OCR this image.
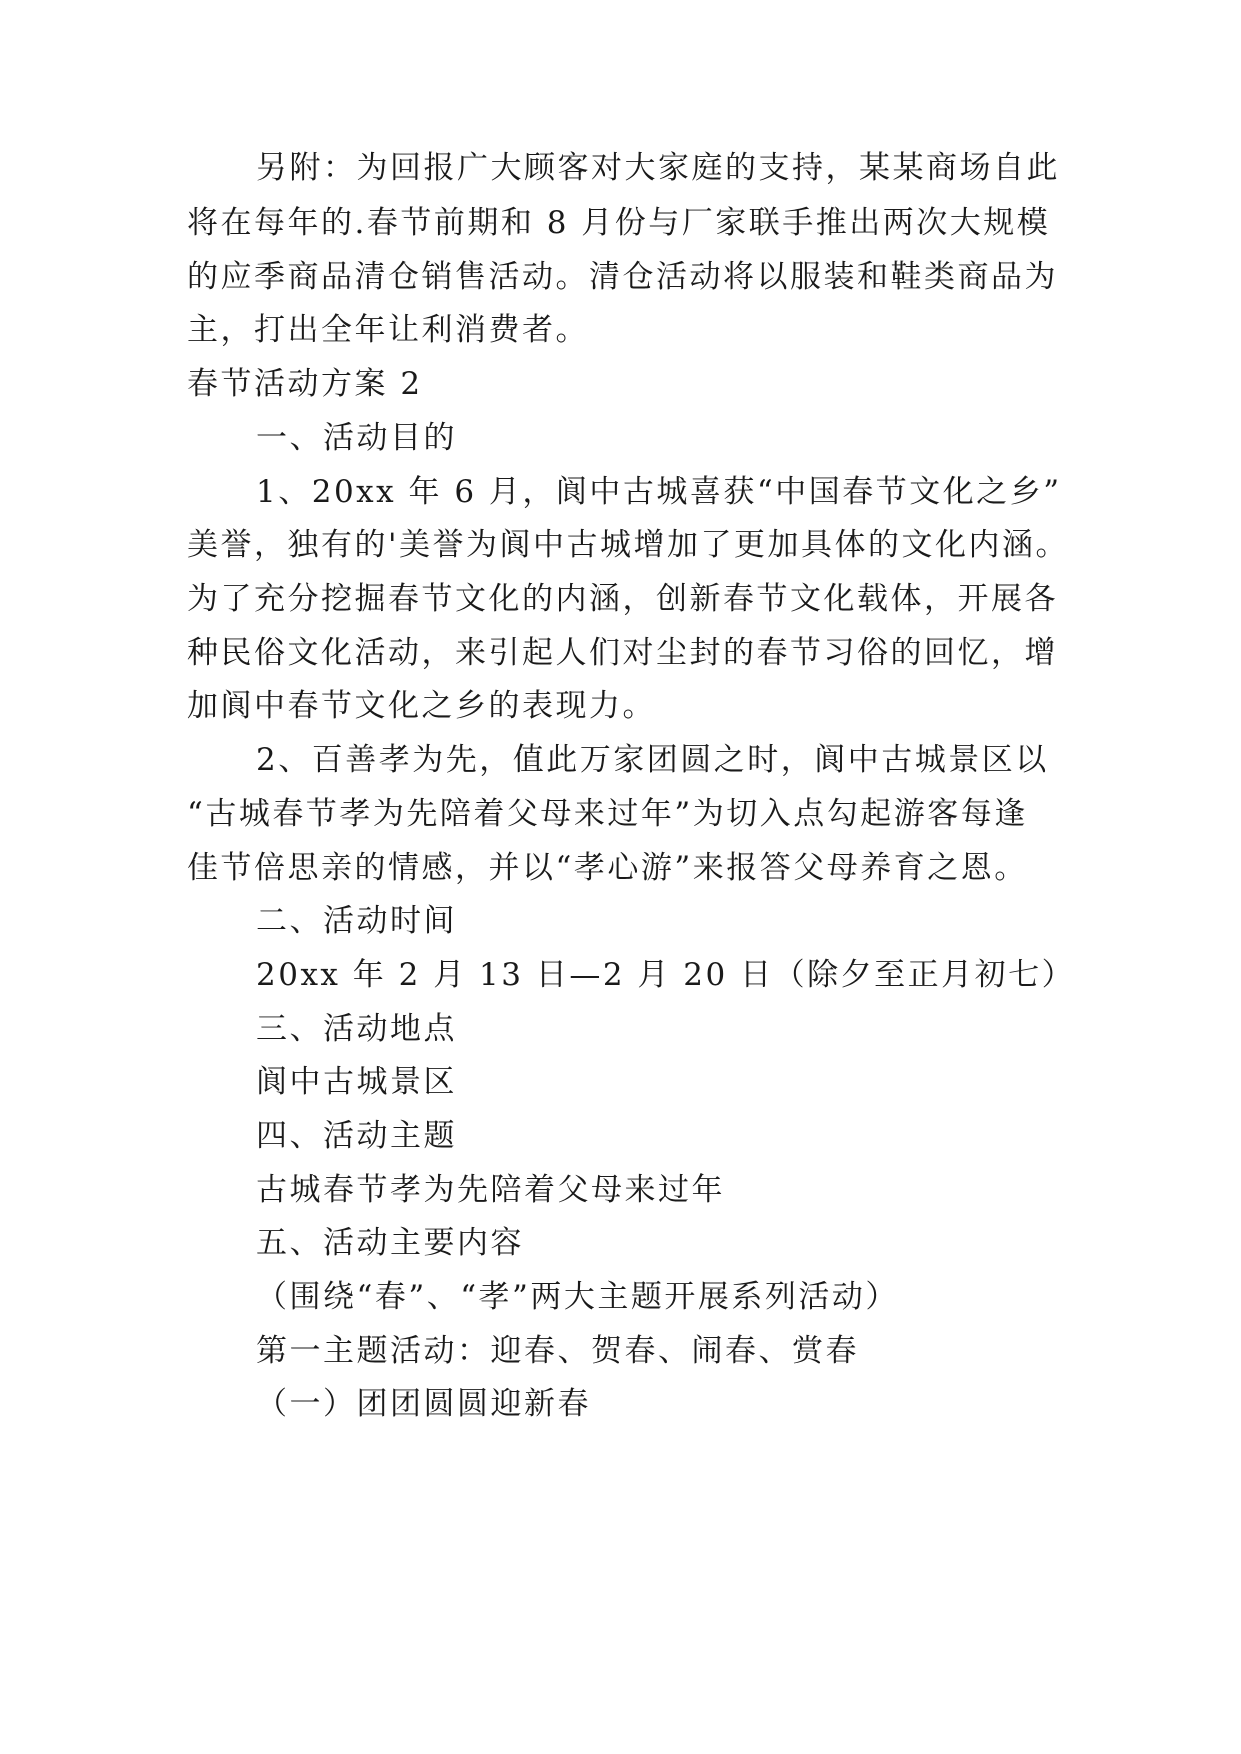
另附：为回报广大顾客对大家庭的支持，某某商场自此
将在每年的.春节前期和 8 月份与厂家联手推出两次大规模
的应季商品清仓销售活动。清仓活动将以服装和鞋类商品为
主，打出全年让利消费者。
春节活动方案 2
一、活动目的
1、20xx 年 6 月，阆中古城喜获“中国春节文化之乡”
美誉，独有的'美誉为阆中古城增加了更加具体的文化内涵。
为了充分挖掘春节文化的内涵，创新春节文化载体，开展各
种民俗文化活动，来引起人们对尘封的春节习俗的回忆，增
加阆中春节文化之乡的表现力。
2、百善孝为先，值此万家团圆之时，阆中古城景区以
“古城春节孝为先陪着父母来过年”为切入点勾起游客每逢
佳节倍思亲的情感，并以“孝心游”来报答父母养育之恩。
二、活动时间
20xx 年 2 月 13 日—2 月 20 日（除夕至正月初七）
三、活动地点
阆中古城景区
四、活动主题
古城春节孝为先陪着父母来过年
五、活动主要内容
（围绕“春”、“孝”两大主题开展系列活动）
第一主题活动：迎春、贺春、闹春、赏春
（一）团团圆圆迎新春
